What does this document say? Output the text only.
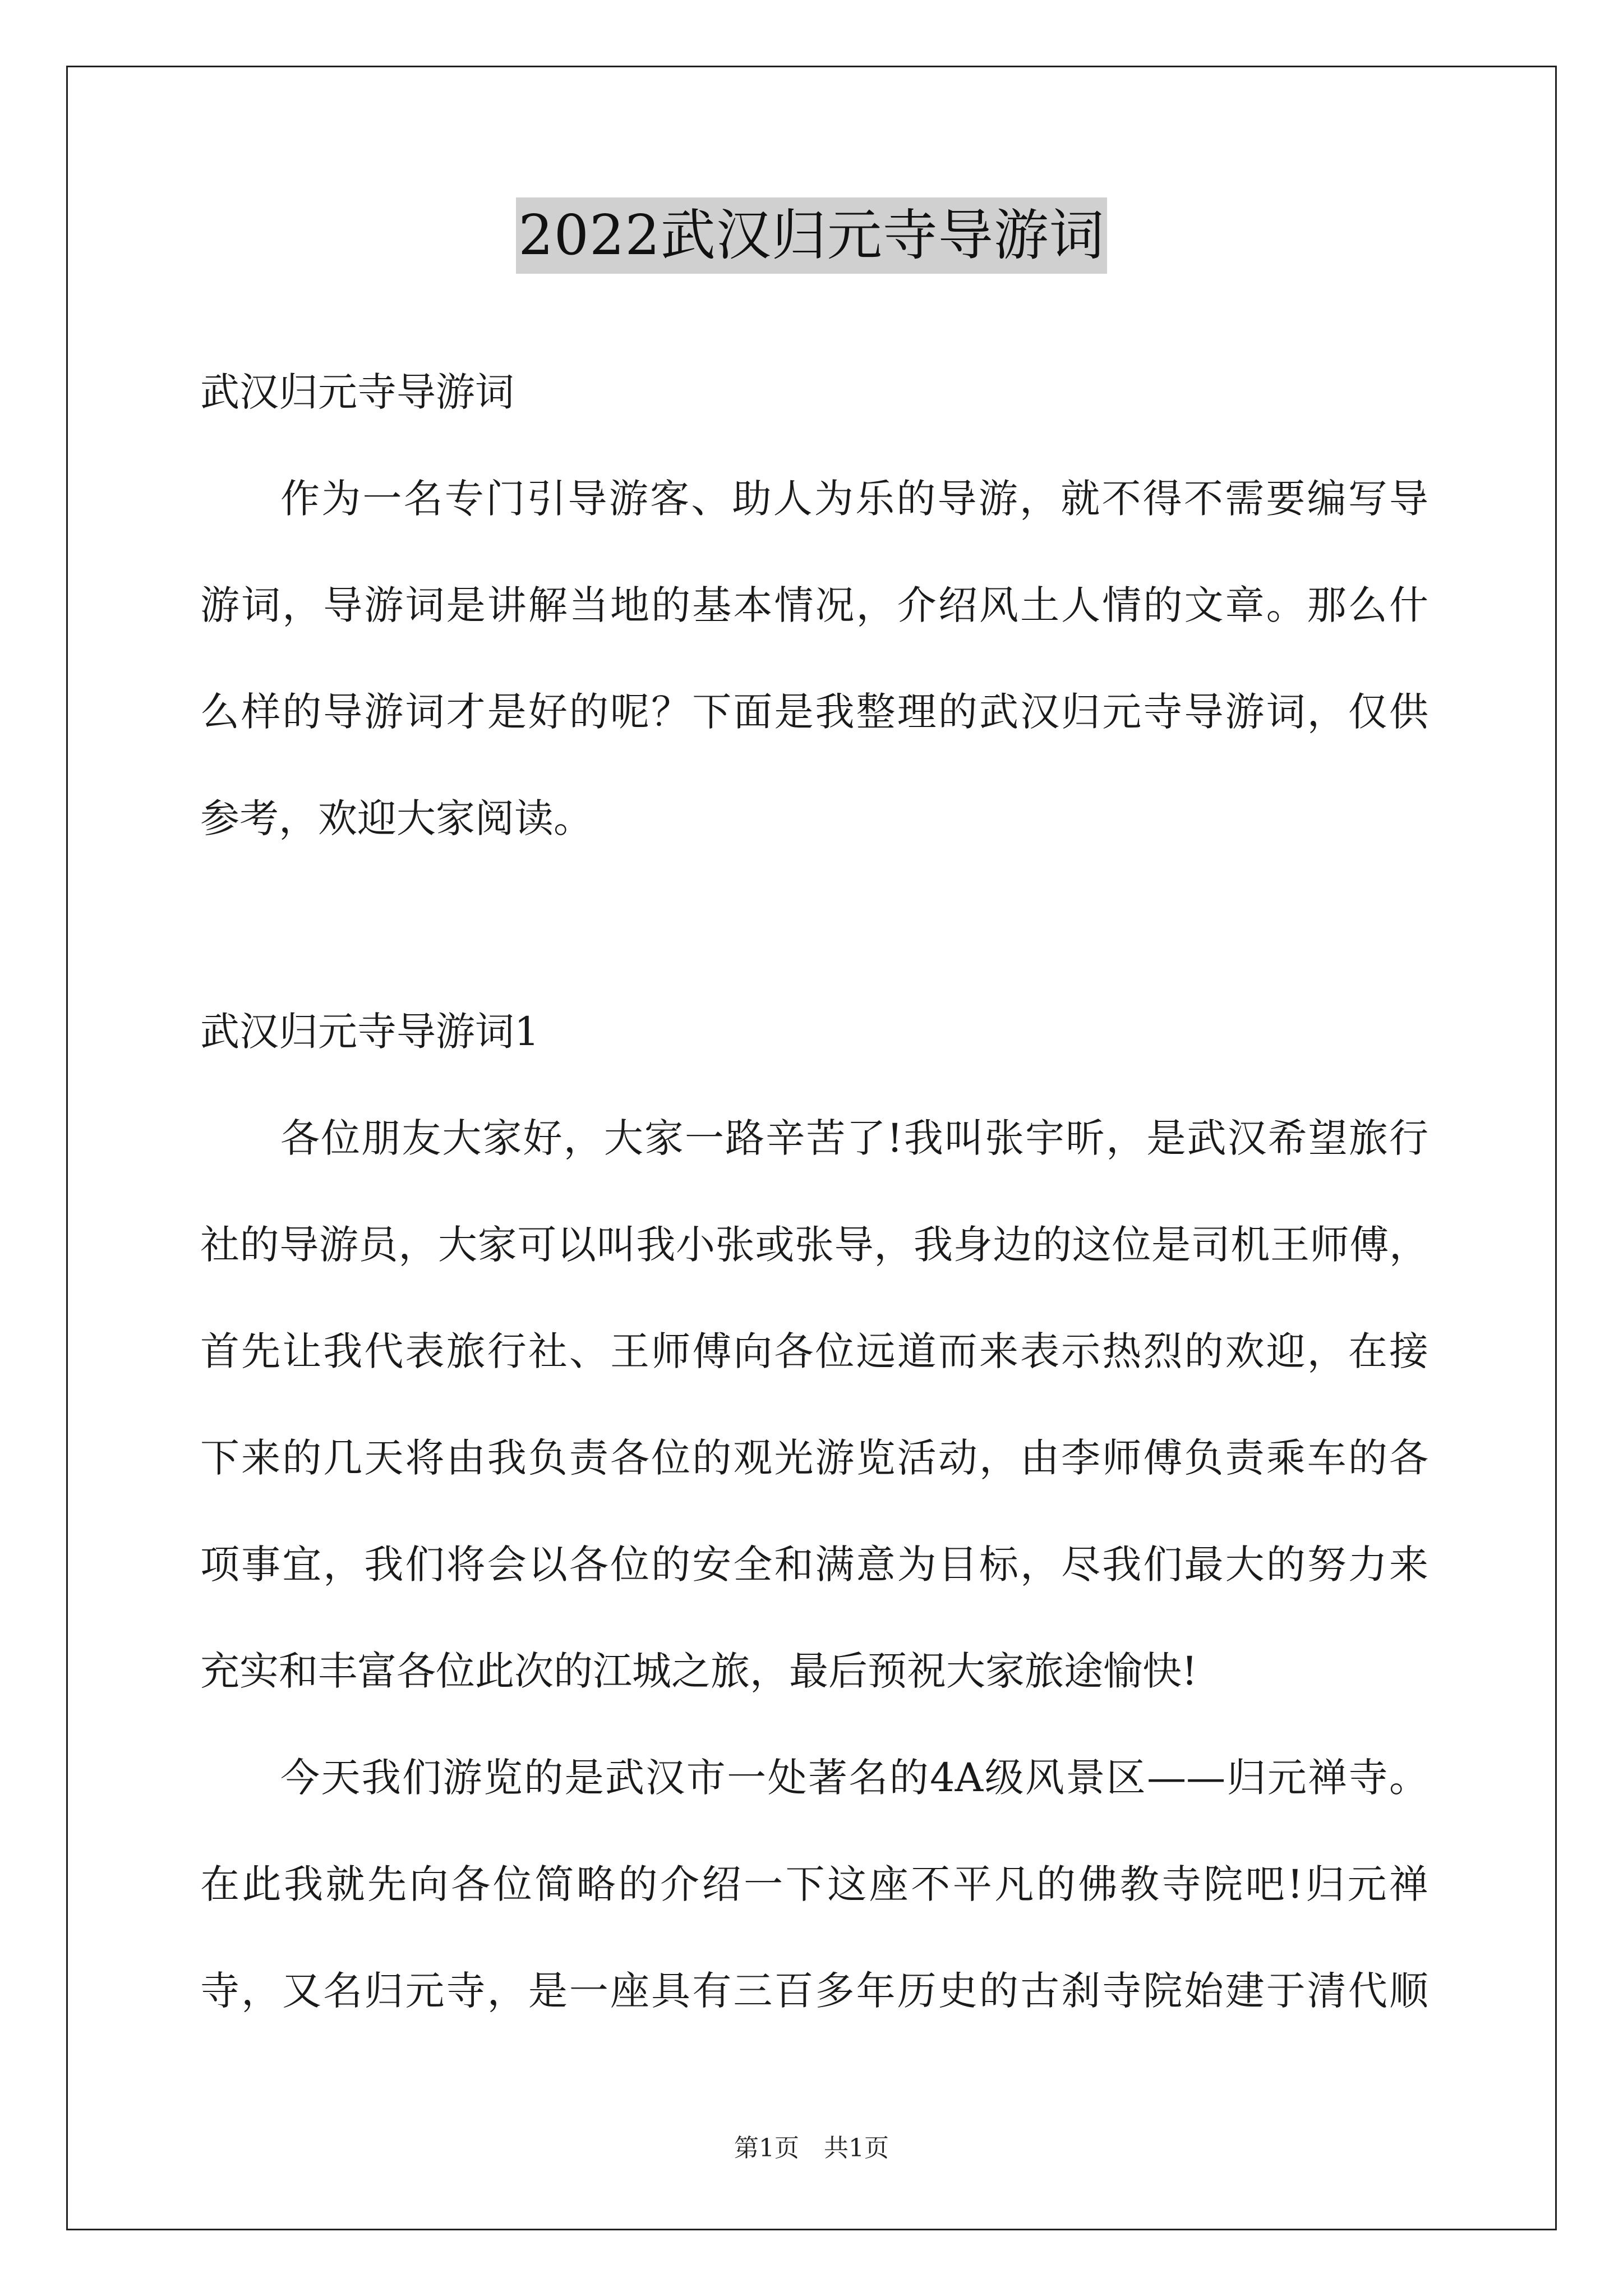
2022武汉归元寺导游词
武汉归元寺导游词
作为一名专门引导游客、助人为乐的导游，就不得不需要编写导
游词，导游词是讲解当地的基本情况，介绍风土人情的文章。那么什
么样的导游词才是好的呢？下面是我整理的武汉归元寺导游词，仅供
参考，欢迎大家阅读。
武汉归元寺导游词1
各位朋友大家好，大家一路辛苦了!我叫张宇昕，是武汉希望旅行
社的导游员，大家可以叫我小张或张导，我身边的这位是司机王师傅，
首先让我代表旅行社、王师傅向各位远道而来表示热烈的欢迎，在接
下来的几天将由我负责各位的观光游览活动，由李师傅负责乘车的各
项事宜，我们将会以各位的安全和满意为目标，尽我们最大的努力来
充实和丰富各位此次的江城之旅，最后预祝大家旅途愉快!
今天我们游览的是武汉市一处著名的4A级风景区——归元禅寺。
在此我就先向各位简略的介绍一下这座不平凡的佛教寺院吧!归元禅
寺，又名归元寺，是一座具有三百多年历史的古刹寺院始建于清代顺
第1页　共1页
